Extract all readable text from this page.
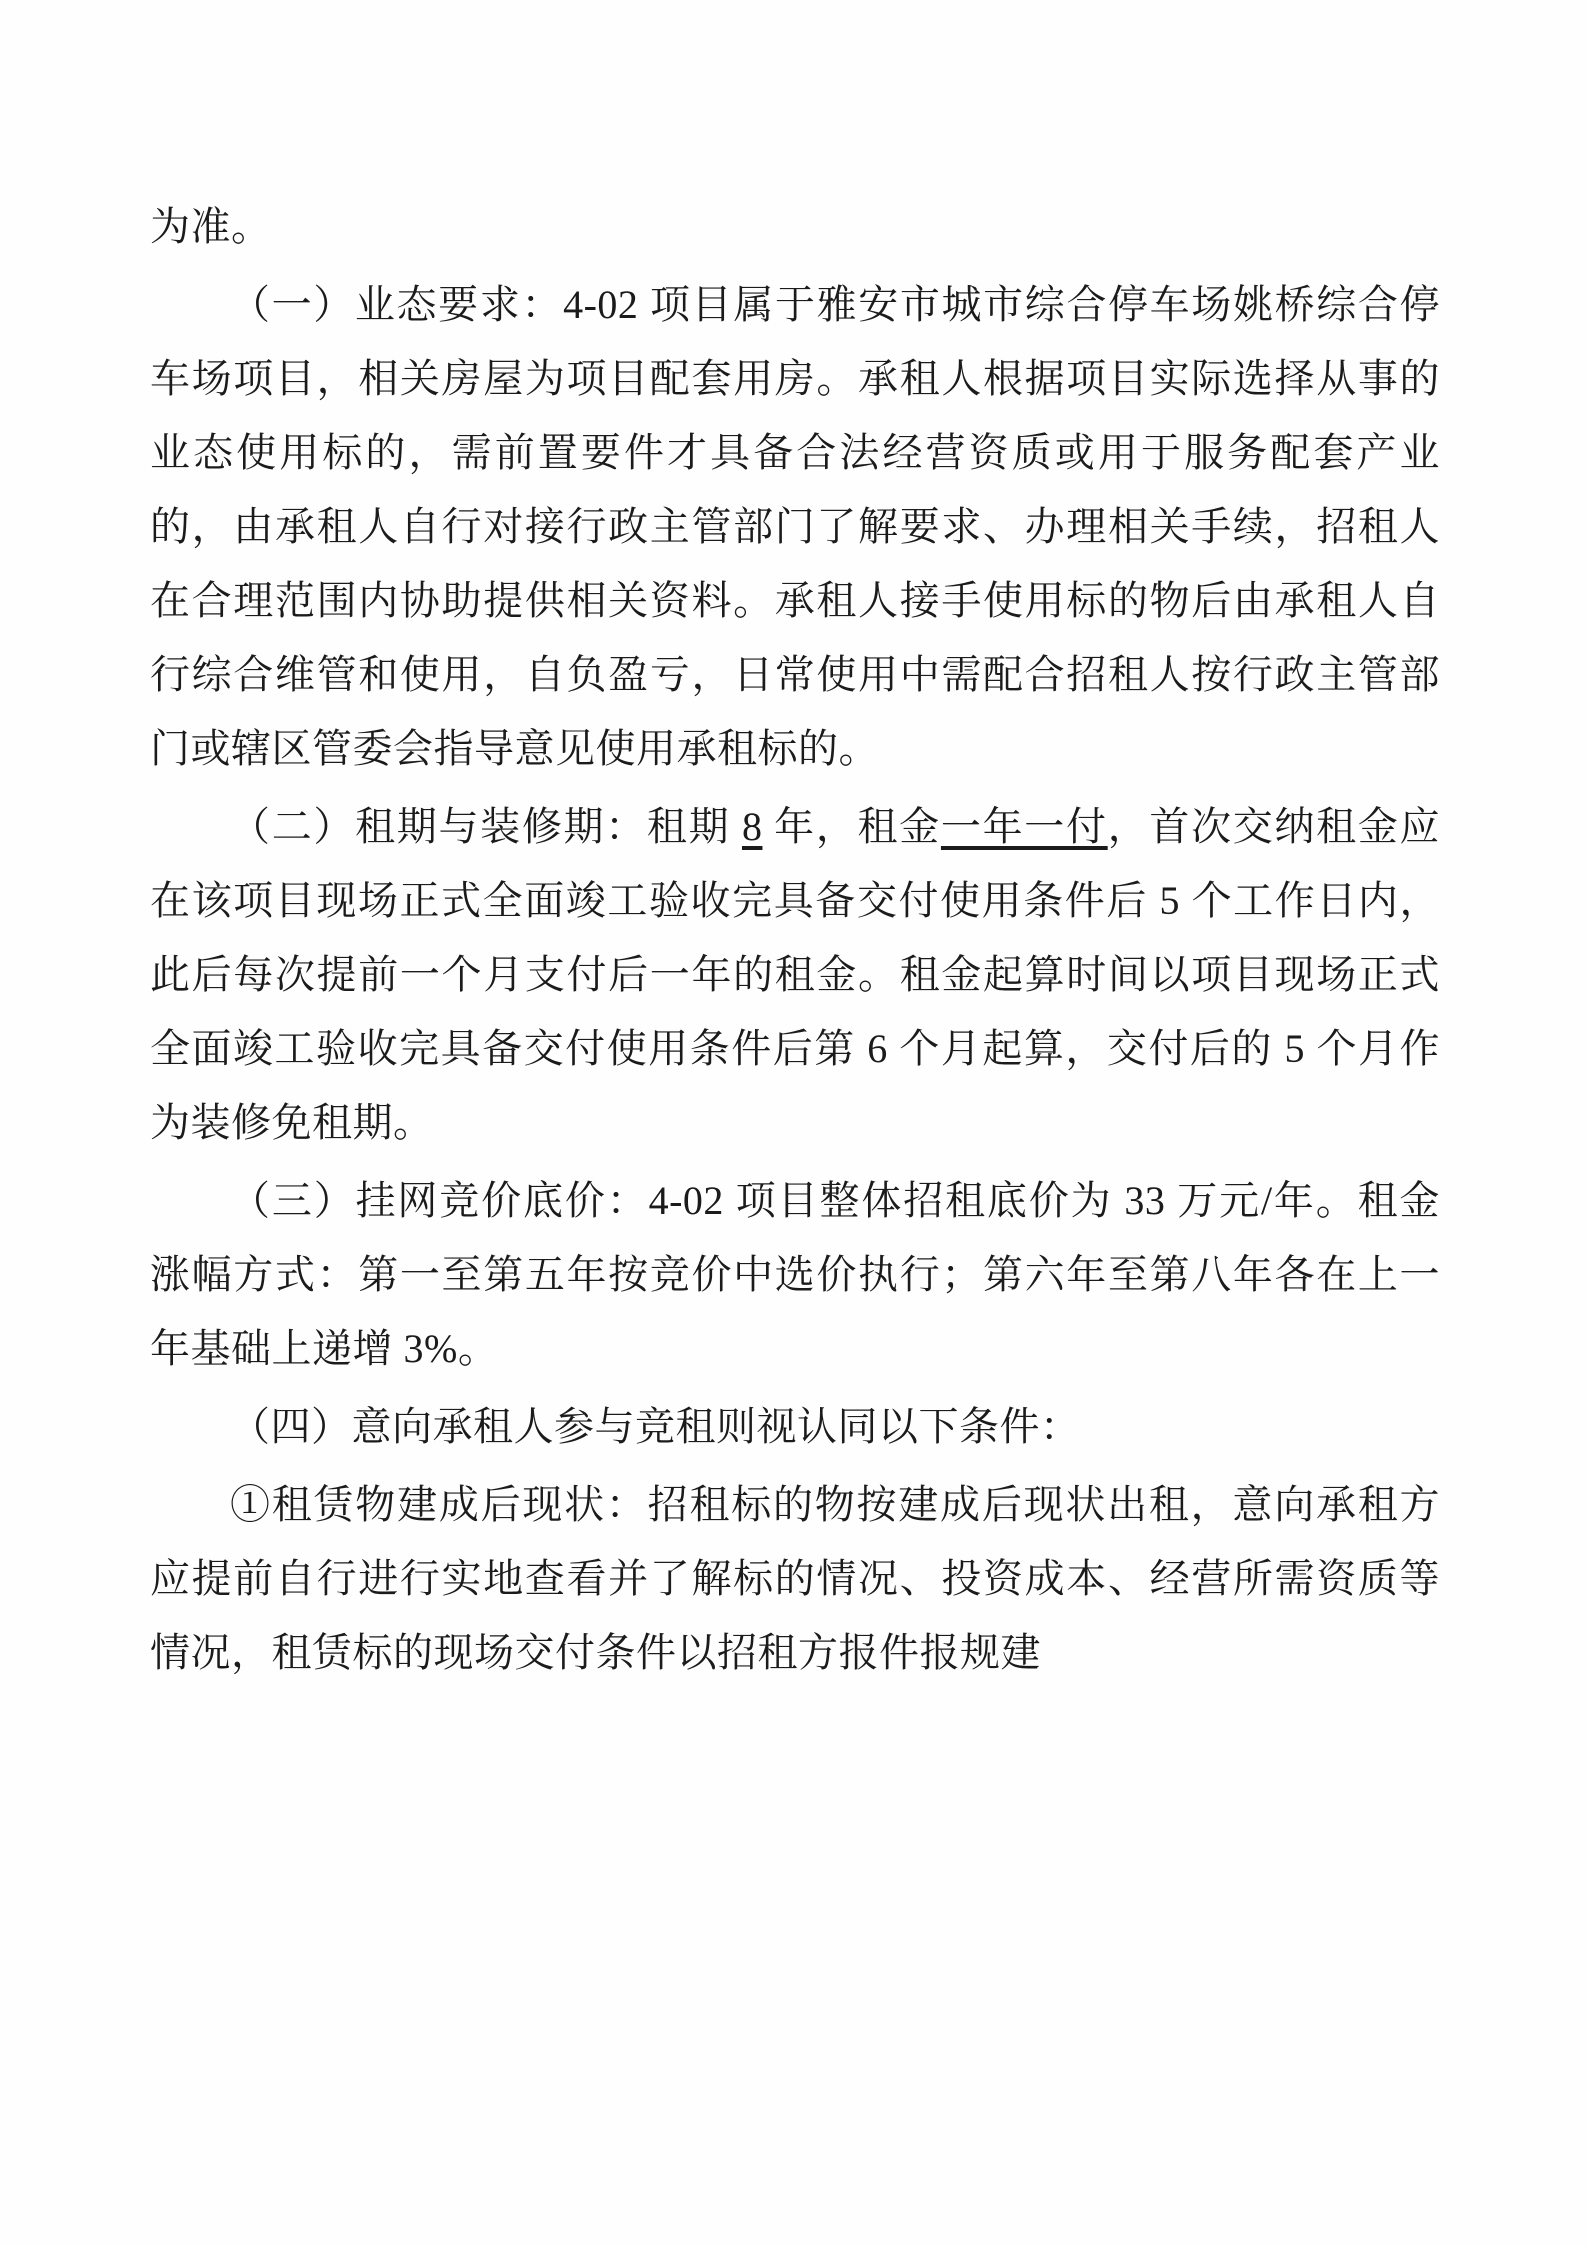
为准。

（一）业态要求：4-02 项目属于雅安市城市综合停车场姚桥综合停车场项目，相关房屋为项目配套用房。承租人根据项目实际选择从事的业态使用标的，需前置要件才具备合法经营资质或用于服务配套产业的，由承租人自行对接行政主管部门了解要求、办理相关手续，招租人在合理范围内协助提供相关资料。承租人接手使用标的物后由承租人自行综合维管和使用，自负盈亏，日常使用中需配合招租人按行政主管部门或辖区管委会指导意见使用承租标的。

（二）租期与装修期：租期 8 年，租金一年一付，首次交纳租金应在该项目现场正式全面竣工验收完具备交付使用条件后 5 个工作日内，此后每次提前一个月支付后一年的租金。租金起算时间以项目现场正式全面竣工验收完具备交付使用条件后第 6 个月起算，交付后的 5 个月作为装修免租期。

（三）挂网竞价底价：4-02 项目整体招租底价为 33 万元/年。租金涨幅方式：第一至第五年按竞价中选价执行；第六年至第八年各在上一年基础上递增 3%。

（四）意向承租人参与竞租则视认同以下条件：

①租赁物建成后现状：招租标的物按建成后现状出租，意向承租方应提前自行进行实地查看并了解标的情况、投资成本、经营所需资质等情况，租赁标的现场交付条件以招租方报件报规建
